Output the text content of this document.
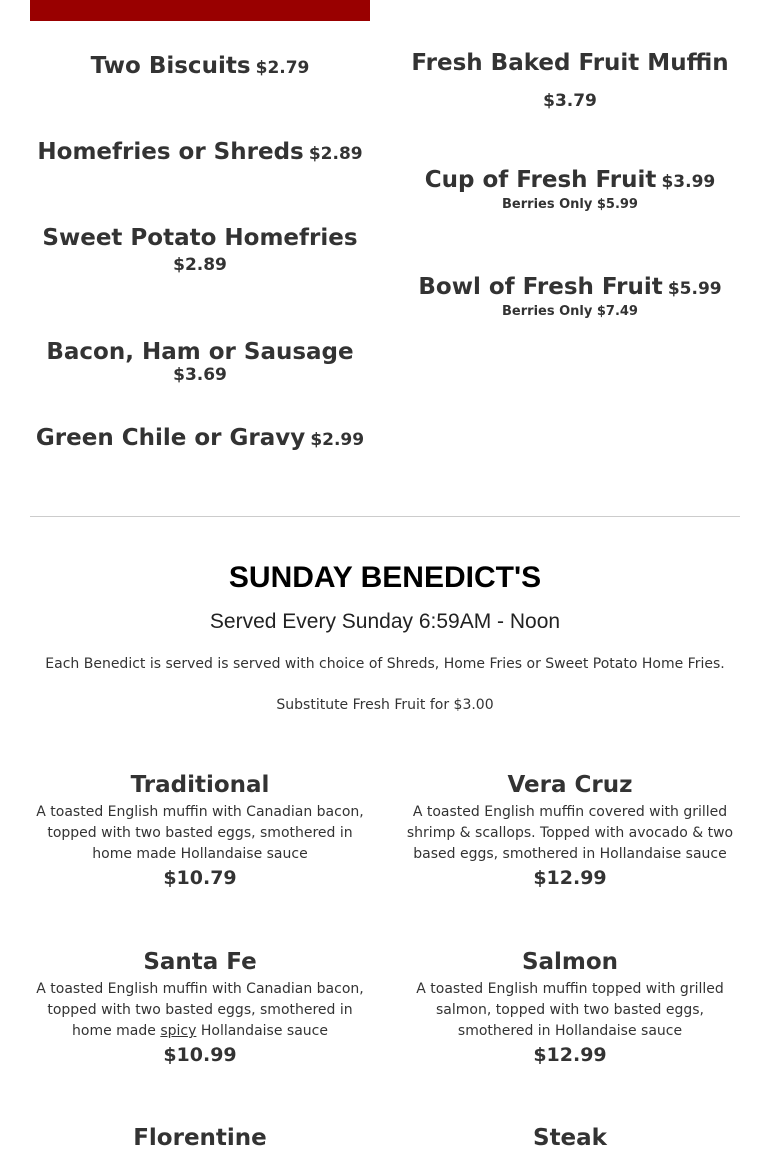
Two Biscuits $2.79
Homefries or Shreds $2.89
Sweet Potato Homefries
$2.89
Bacon, Ham or Sausage $3.69
Green Chile or Gravy $2.99
Fresh Baked Fruit Muffin $3.79
Cup of Fresh Fruit $3.99
Berries Only $5.99
Bowl of Fresh Fruit $5.99
Berries Only $7.49
SUNDAY BENEDICT'S
Served Every Sunday 6:59AM - Noon
Each Benedict is served is served with choice of Shreds, Home Fries or Sweet Potato Home Fries.
Substitute Fresh Fruit for $3.00
Traditional
A toasted English muffin with Canadian bacon, topped with two basted eggs, smothered in home made Hollandaise sauce
$10.79
Vera Cruz
A toasted English muffin covered with grilled shrimp & scallops. Topped with avocado & two based eggs, smothered in Hollandaise sauce
$12.99
Santa Fe
A toasted English muffin with Canadian bacon, topped with two basted eggs, smothered in home made spicy Hollandaise sauce
$10.99
Salmon
A toasted English muffin topped with grilled salmon, topped with two basted eggs, smothered in Hollandaise sauce
$12.99
Florentine	Steak
